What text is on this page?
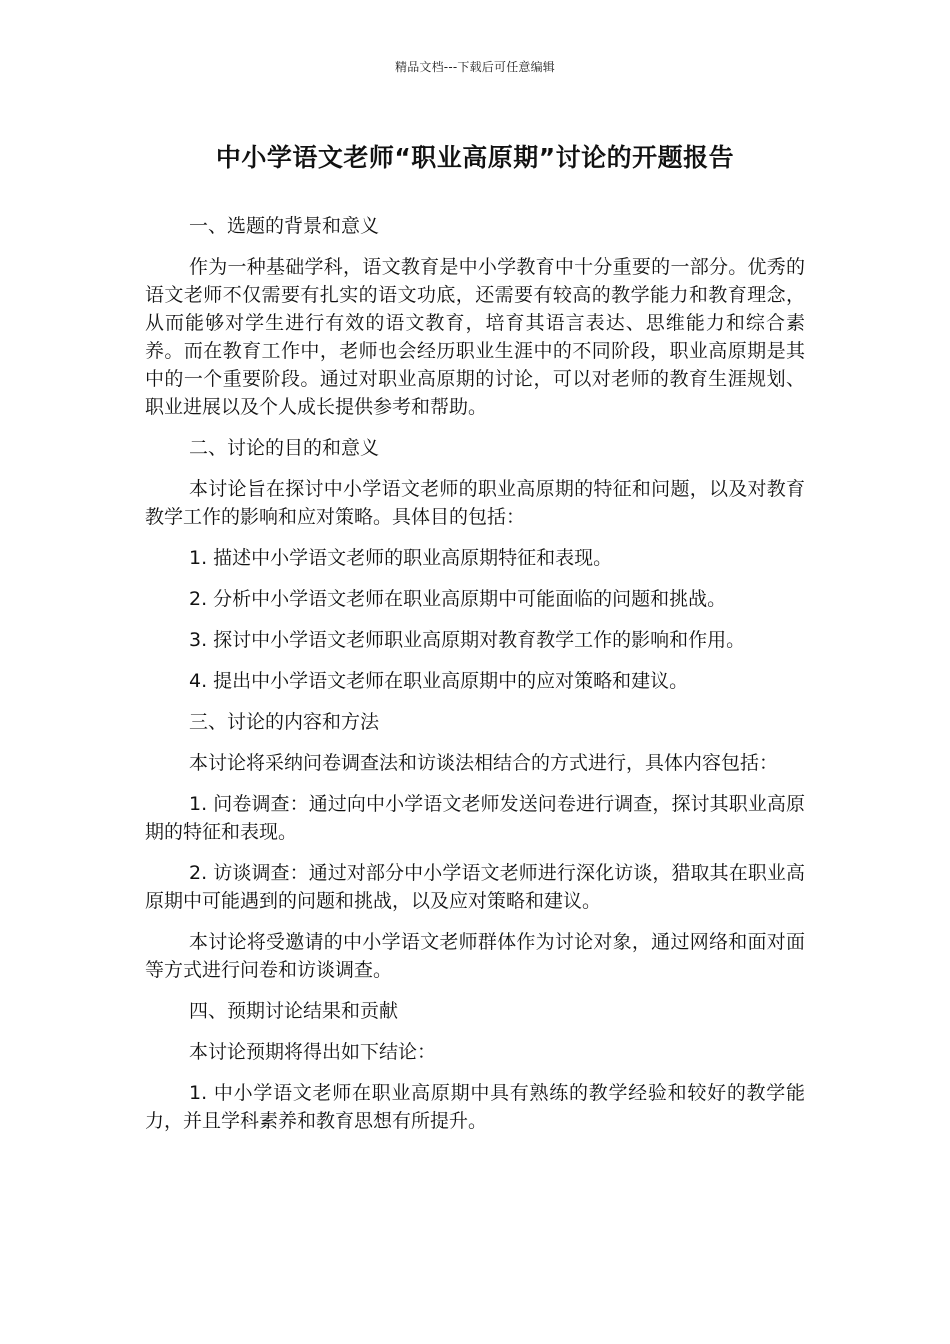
精品文档---下载后可任意编辑
中小学语文老师“职业高原期”讨论的开题报告
一、选题的背景和意义
作为一种基础学科，语文教育是中小学教育中十分重要的一部分。优秀的语文老师不仅需要有扎实的语文功底，还需要有较高的教学能力和教育理念，从而能够对学生进行有效的语文教育，培育其语言表达、思维能力和综合素养。而在教育工作中，老师也会经历职业生涯中的不同阶段，职业高原期是其中的一个重要阶段。通过对职业高原期的讨论，可以对老师的教育生涯规划、职业进展以及个人成长提供参考和帮助。
二、讨论的目的和意义
本讨论旨在探讨中小学语文老师的职业高原期的特征和问题，以及对教育教学工作的影响和应对策略。具体目的包括：
1. 描述中小学语文老师的职业高原期特征和表现。
2. 分析中小学语文老师在职业高原期中可能面临的问题和挑战。
3. 探讨中小学语文老师职业高原期对教育教学工作的影响和作用。
4. 提出中小学语文老师在职业高原期中的应对策略和建议。
三、讨论的内容和方法
本讨论将采纳问卷调查法和访谈法相结合的方式进行，具体内容包括：
1. 问卷调查：通过向中小学语文老师发送问卷进行调查，探讨其职业高原期的特征和表现。
2. 访谈调查：通过对部分中小学语文老师进行深化访谈，猎取其在职业高原期中可能遇到的问题和挑战，以及应对策略和建议。
本讨论将受邀请的中小学语文老师群体作为讨论对象，通过网络和面对面等方式进行问卷和访谈调查。
四、预期讨论结果和贡献
本讨论预期将得出如下结论：
1. 中小学语文老师在职业高原期中具有熟练的教学经验和较好的教学能力，并且学科素养和教育思想有所提升。
